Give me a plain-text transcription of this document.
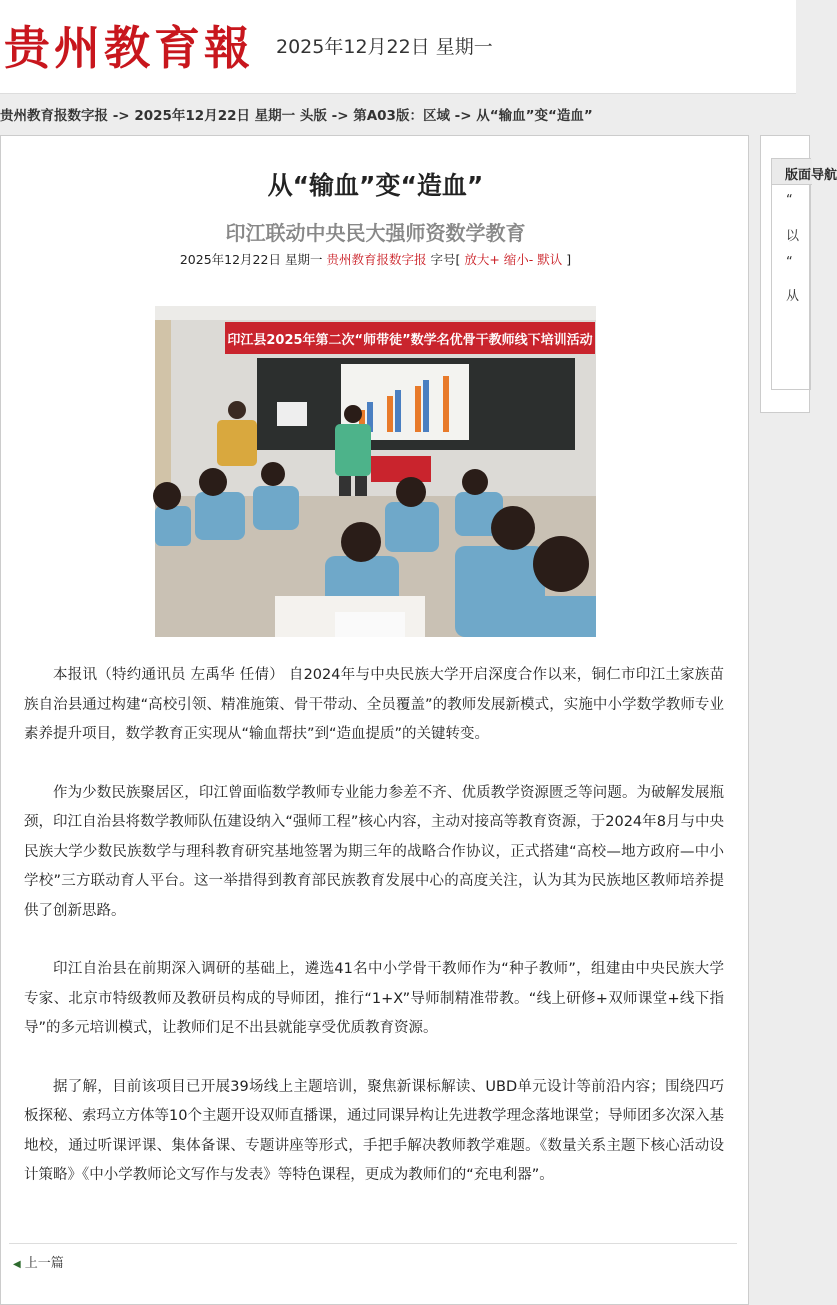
贵州教育報 2025年12月22日 星期一
贵州教育报数字报 -> 2025年12月22日 星期一 头版 -> 第A03版：区域 -> 从“输血”变“造血”
从“输血”变“造血”
印江联动中央民大强师资数学教育
2025年12月22日 星期一 贵州教育报数字报 字号[ 放大+ 缩小- 默认 ]
印江县2025年第二次“师带徒”数学名优骨干教师线下培训活动

本报讯（特约通讯员 左禹华 任倩） 自2024年与中央民族大学开启深度合作以来，铜仁市印江土家族苗族自治县通过构建“高校引领、精准施策、骨干带动、全员覆盖”的教师发展新模式，实施中小学数学教师专业素养提升项目，数学教育正实现从“输血帮扶”到“造血提质”的关键转变。

作为少数民族聚居区，印江曾面临数学教师专业能力参差不齐、优质教学资源匮乏等问题。为破解发展瓶颈，印江自治县将数学教师队伍建设纳入“强师工程”核心内容，主动对接高等教育资源，于2024年8月与中央民族大学少数民族数学与理科教育研究基地签署为期三年的战略合作协议，正式搭建“高校—地方政府—中小学校”三方联动育人平台。这一举措得到教育部民族教育发展中心的高度关注，认为其为民族地区教师培养提供了创新思路。

印江自治县在前期深入调研的基础上，遴选41名中小学骨干教师作为“种子教师”，组建由中央民族大学专家、北京市特级教师及教研员构成的导师团，推行“1+X”导师制精准带教。“线上研修+双师课堂+线下指导”的多元培训模式，让教师们足不出县就能享受优质教育资源。

据了解，目前该项目已开展39场线上主题培训，聚焦新课标解读、UBD单元设计等前沿内容；围绕四巧板探秘、索玛立方体等10个主题开设双师直播课，通过同课异构让先进教学理念落地课堂；导师团多次深入基地校，通过听课评课、集体备课、专题讲座等形式，手把手解决教师教学难题。《数量关系主题下核心活动设计策略》《中小学教师论文写作与发表》等特色课程，更成为教师们的“充电利器”。

◀ 上一篇
版面导航
“
以
“
从
